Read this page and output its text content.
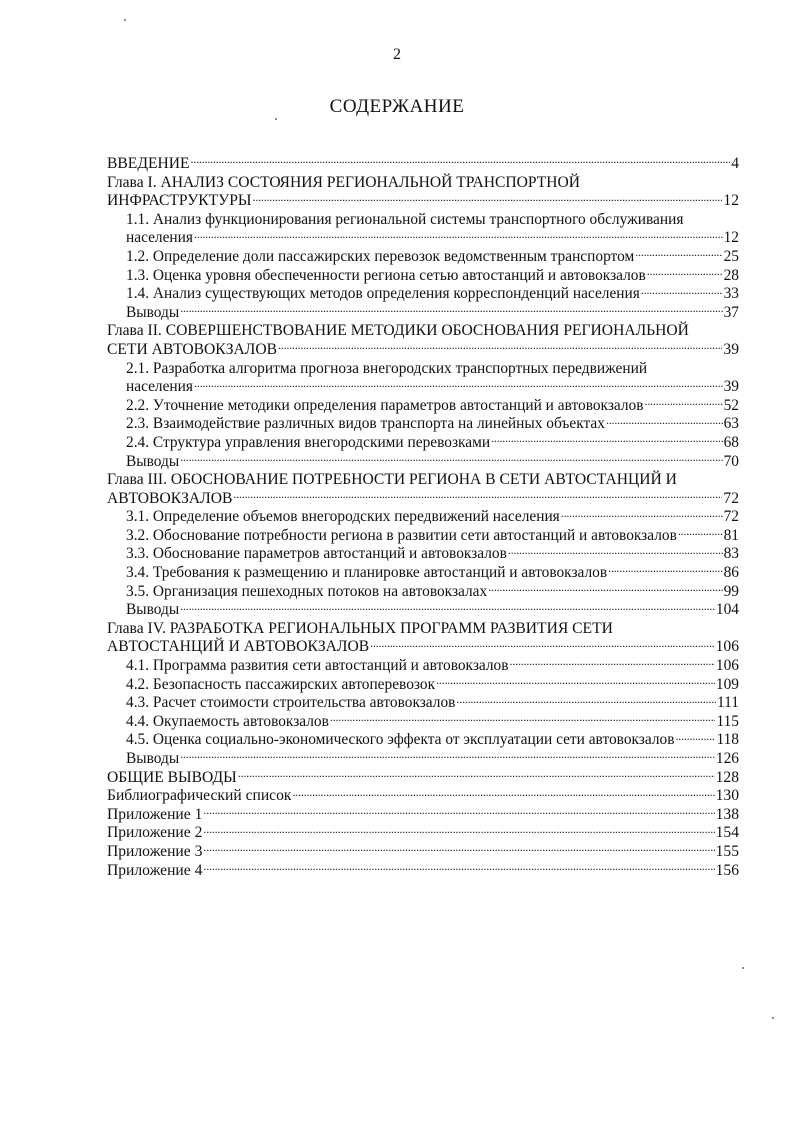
2
СОДЕРЖАНИЕ
ВВЕДЕНИЕ . . .	4
Глава I. АНАЛИЗ СОСТОЯНИЯ РЕГИОНАЛЬНОЙ ТРАНСПОРТНОЙ
ИНФРАСТРУКТУРЫ . . .	12
1.1. Анализ функционирования региональной системы транспортного обслуживания
населения . . .	12
1.2. Определение доли пассажирских перевозок ведомственным транспортом . . .	25
1.3. Оценка уровня обеспеченности региона сетью автостанций и автовокзалов . . .	28
1.4. Анализ существующих методов определения корреспонденций населения . . .	33
Выводы . . .	37
Глава II. СОВЕРШЕНСТВОВАНИЕ МЕТОДИКИ ОБОСНОВАНИЯ РЕГИОНАЛЬНОЙ
СЕТИ АВТОВОКЗАЛОВ . . .	39
2.1. Разработка алгоритма прогноза внегородских транспортных передвижений
населения . . .	39
2.2. Уточнение методики определения параметров автостанций и автовокзалов . . .	52
2.3. Взаимодействие различных видов транспорта на линейных объектах . . .	63
2.4. Структура управления внегородскими перевозками . . .	68
Выводы . . .	70
Глава III. ОБОСНОВАНИЕ ПОТРЕБНОСТИ РЕГИОНА В СЕТИ АВТОСТАНЦИЙ И
АВТОВОКЗАЛОВ . . .	72
3.1. Определение объемов внегородских передвижений населения . . .	72
3.2. Обоснование потребности региона в развитии сети автостанций и автовокзалов . . .	81
3.3. Обоснование параметров автостанций и автовокзалов . . .	83
3.4. Требования к размещению и планировке автостанций и автовокзалов . . .	86
3.5. Организация пешеходных потоков на автовокзалах . . .	99
Выводы . . .	104
Глава IV. РАЗРАБОТКА РЕГИОНАЛЬНЫХ ПРОГРАММ РАЗВИТИЯ СЕТИ
АВТОСТАНЦИЙ И АВТОВОКЗАЛОВ . . .	106
4.1. Программа развития сети автостанций и автовокзалов . . .	106
4.2. Безопасность пассажирских автоперевозок . . .	109
4.3. Расчет стоимости строительства автовокзалов . . .	111
4.4. Окупаемость автовокзалов . . .	115
4.5. Оценка социально-экономического эффекта от эксплуатации сети автовокзалов . . .	118
Выводы . . .	126
ОБЩИЕ ВЫВОДЫ . . .	128
Библиографический список . . .	130
Приложение 1 . . .	138
Приложение 2 . . .	154
Приложение 3 . . .	155
Приложение 4 . . .	156
